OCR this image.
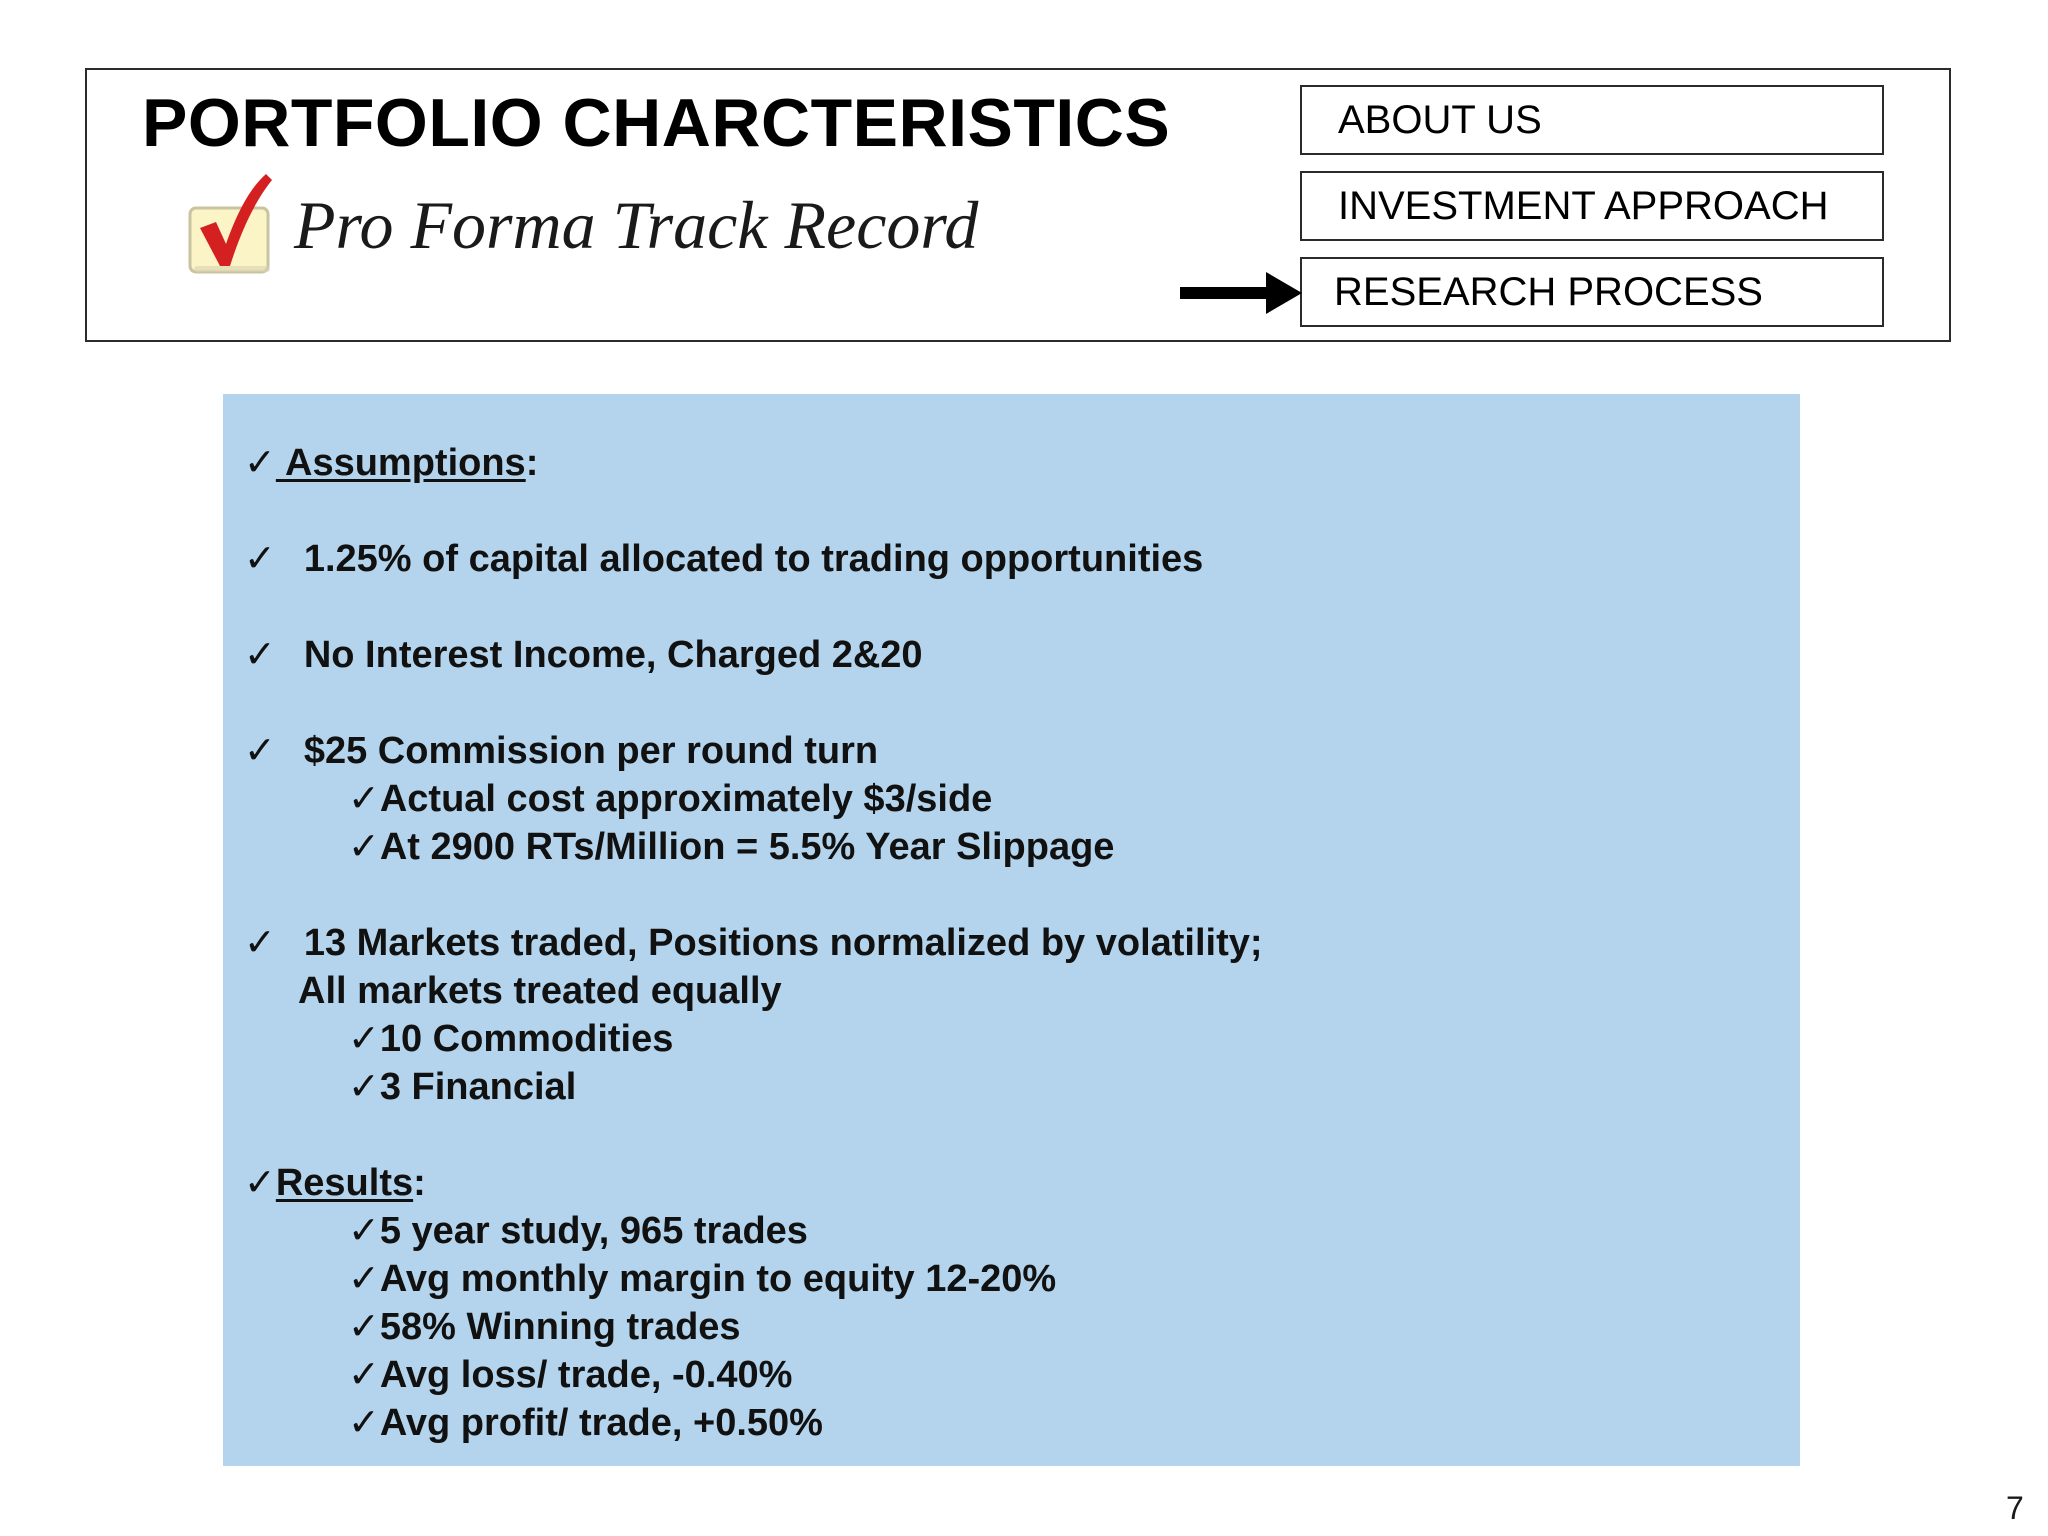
PORTFOLIO CHARCTERISTICS
Pro Forma Track Record
ABOUT US
INVESTMENT APPROACH
RESEARCH PROCESS
✓ Assumptions:
✓ 1.25% of capital allocated to trading opportunities
✓ No Interest Income, Charged 2&20
✓ $25 Commission per round turn
✓Actual cost approximately $3/side
✓At 2900 RTs/Million = 5.5% Year Slippage
✓ 13 Markets traded, Positions normalized by volatility;
All markets treated equally
✓10 Commodities
✓3 Financial
✓Results:
✓5 year study, 965 trades
✓Avg monthly margin to equity 12-20%
✓58% Winning trades
✓Avg loss/ trade, -0.40%
✓Avg profit/ trade, +0.50%
7
